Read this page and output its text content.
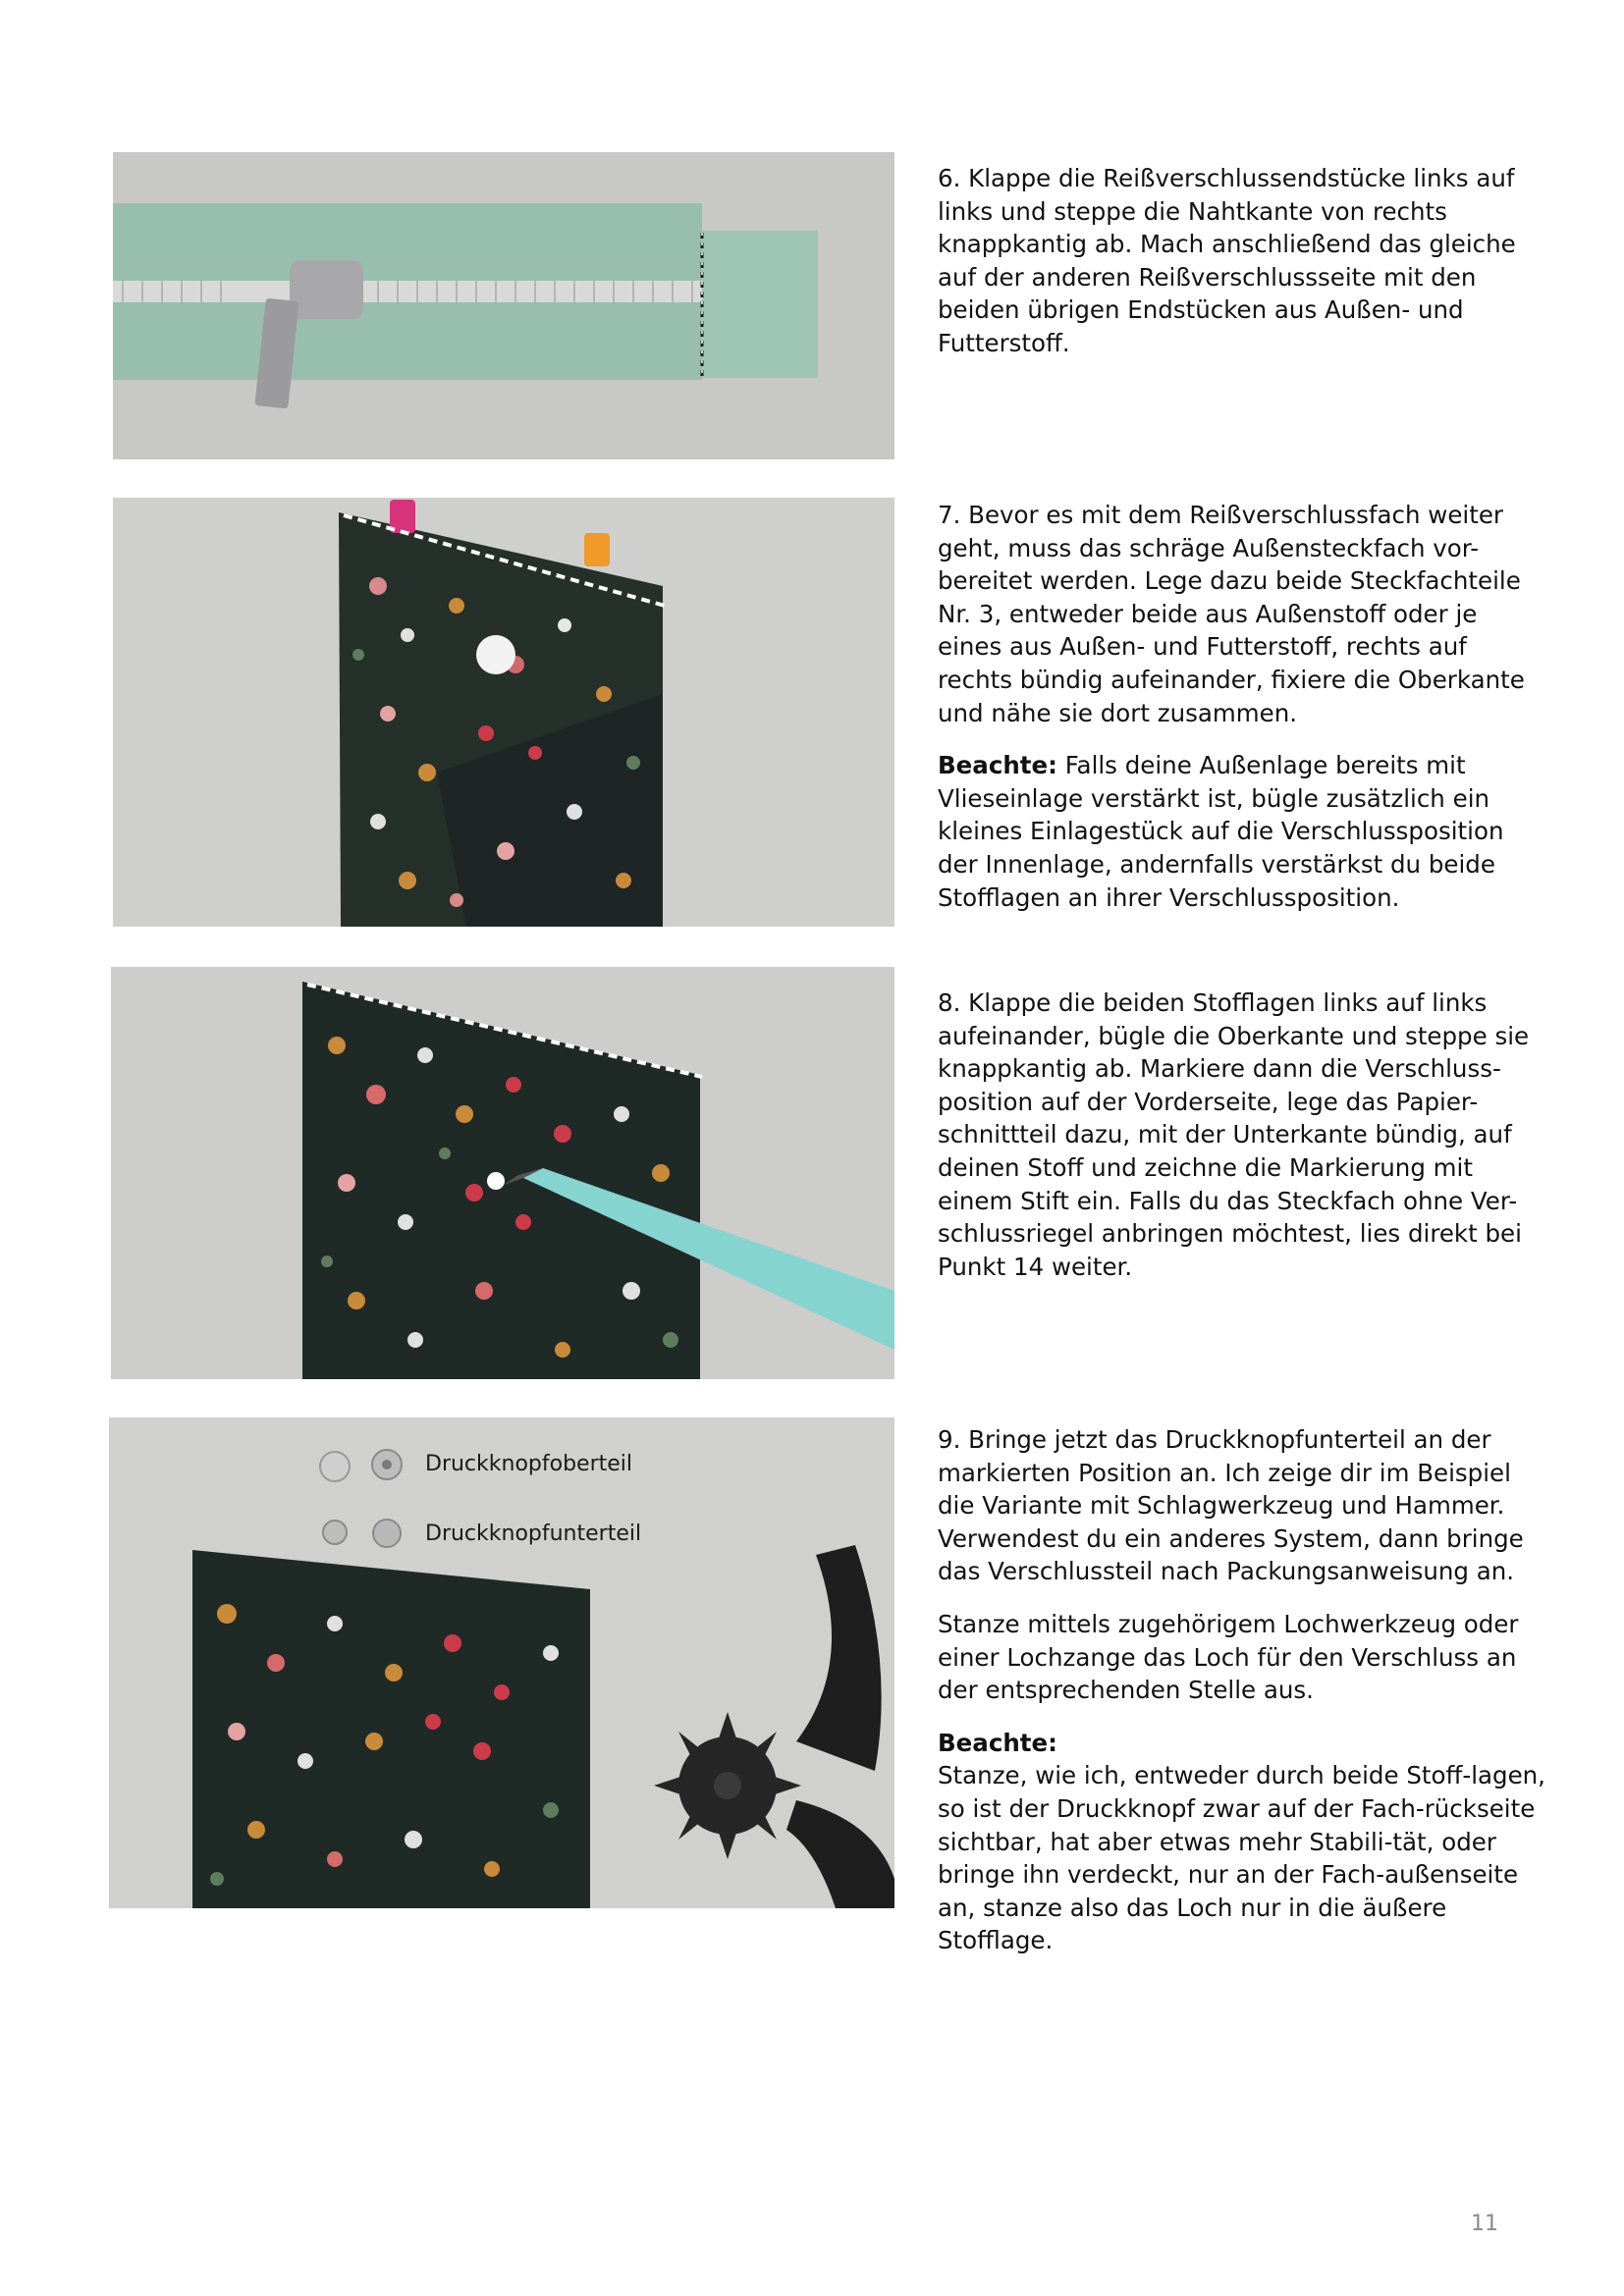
6. Klappe die Reißverschlussendstücke links auf links und steppe die Nahtkante von rechts knappkantig ab. Mach anschließend das gleiche auf der anderen Reißverschlussseite mit den beiden übrigen Endstücken aus Außen- und Futterstoff.

7. Bevor es mit dem Reißverschlussfach weiter geht, muss das schräge Außensteckfach vor-bereitet werden. Lege dazu beide Steckfachteile Nr. 3, entweder beide aus Außenstoff oder je eines aus Außen- und Futterstoff, rechts auf rechts bündig aufeinander, fixiere die Oberkante und nähe sie dort zusammen.

Beachte: Falls deine Außenlage bereits mit Vlieseinlage verstärkt ist, bügle zusätzlich ein kleines Einlagestück auf die Verschlussposition der Innenlage, andernfalls verstärkst du beide Stofflagen an ihrer Verschlussposition.

8. Klappe die beiden Stofflagen links auf links aufeinander, bügle die Oberkante und steppe sie knappkantig ab. Markiere dann die Verschluss-position auf der Vorderseite, lege das Papier-schnittteil dazu, mit der Unterkante bündig, auf deinen Stoff und zeichne die Markierung mit einem Stift ein. Falls du das Steckfach ohne Ver-schlussriegel anbringen möchtest, lies direkt bei Punkt 14 weiter.

Druckknopfoberteil
Druckknopfunterteil

9. Bringe jetzt das Druckknopfunterteil an der markierten Position an. Ich zeige dir im Beispiel die Variante mit Schlagwerkzeug und Hammer. Verwendest du ein anderes System, dann bringe das Verschlussteil nach Packungsanweisung an.

Stanze mittels zugehörigem Lochwerkzeug oder einer Lochzange das Loch für den Verschluss an der entsprechenden Stelle aus.

Beachte:

Stanze, wie ich, entweder durch beide Stoff-lagen, so ist der Druckknopf zwar auf der Fach-rückseite sichtbar, hat aber etwas mehr Stabili-tät, oder bringe ihn verdeckt, nur an der Fach-außenseite an, stanze also das Loch nur in die äußere Stofflage.

11
